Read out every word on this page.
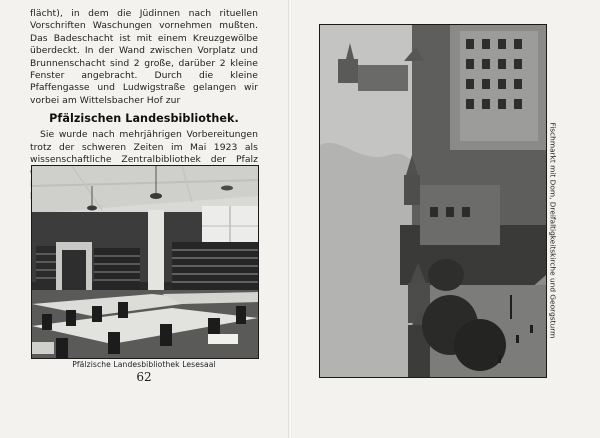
flächt), in dem die Jüdinnen nach rituellen Vorschriften Waschungen vornehmen mußten. Das Badeschacht ist mit einem Kreuzgewölbe überdeckt. In der Wand zwischen Vorplatz und Brunnenschacht sind 2 große, darüber 2 kleine Fenster angebracht. Durch die kleine Pfaffengasse und Ludwigstraße gelangen wir vorbei am Wittelsbacher Hof zur

Pfälzischen Landesbibliothek.

Sie wurde nach mehrjährigen Vorbereitungen trotz der schweren Zeiten im Mai 1923 als wissenschaftliche Zentralbibliothek der Pfalz

Pfälzische Landesbibliothek Lesesaal
62
Fischmarkt mit Dom, Dreifaltigkeitskirche und Georgsturm
